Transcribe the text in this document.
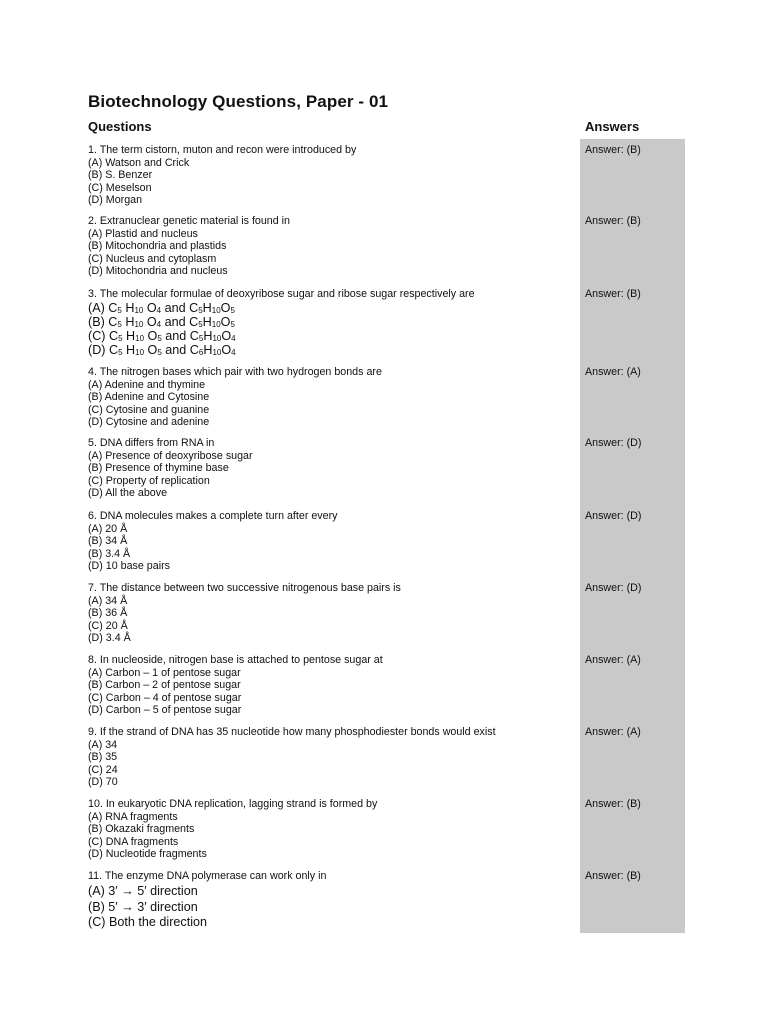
Biotechnology Questions, Paper - 01
Questions	Answers
1. The term cistorn, muton and recon were introduced by
(A) Watson and Crick
(B) S. Benzer
(C) Meselson
(D) Morgan
Answer: (B)
2. Extranuclear genetic material is found in
(A) Plastid and nucleus
(B) Mitochondria and plastids
(C) Nucleus and cytoplasm
(D) Mitochondria and nucleus
Answer: (B)
3. The molecular formulae of deoxyribose sugar and ribose sugar respectively are
(A) $C_5$ $H_{10}$ $O_4$ and $C_5H_{10}O_5$
(B) $C_5$ $H_{10}$ $O_4$ and $C_5H_{10}O_5$
(C) $C_5$ $H_{10}$ $O_5$ and $C_5H_{10}O_4$
(D) $C_5$ $H_{10}$ $O_5$ and $C_6H_{10}O_4$
Answer: (B)
4. The nitrogen bases which pair with two hydrogen bonds are
(A) Adenine and thymine
(B) Adenine and Cytosine
(C) Cytosine and guanine
(D) Cytosine and adenine
Answer: (A)
5. DNA differs from RNA in
(A) Presence of deoxyribose sugar
(B) Presence of thymine base
(C) Property of replication
(D) All the above
Answer: (D)
6. DNA molecules makes a complete turn after every
(A) 20 Å
(B) 34 Å
(B) 3.4 Å
(D) 10 base pairs
Answer: (D)
7. The distance between two successive nitrogenous base pairs is
(A) 34 Å
(B) 36 Å
(C) 20 Å
(D) 3.4 Å
Answer: (D)
8. In nucleoside, nitrogen base is attached to pentose sugar at
(A) Carbon – 1 of pentose sugar
(B) Carbon – 2 of pentose sugar
(C) Carbon – 4 of pentose sugar
(D) Carbon – 5 of pentose sugar
Answer: (A)
9. If the strand of DNA has 35 nucleotide how many phosphodiester bonds would exist
(A) 34
(B) 35
(C) 24
(D) 70
Answer: (A)
10. In eukaryotic DNA replication, lagging strand is formed by
(A) RNA fragments
(B) Okazaki fragments
(C) DNA fragments
(D) Nucleotide fragments
Answer: (B)
11. The enzyme DNA polymerase can work only in
(A) 3′ → 5′ direction
(B) 5′ → 3′ direction
(C) Both the direction
Answer: (B)
